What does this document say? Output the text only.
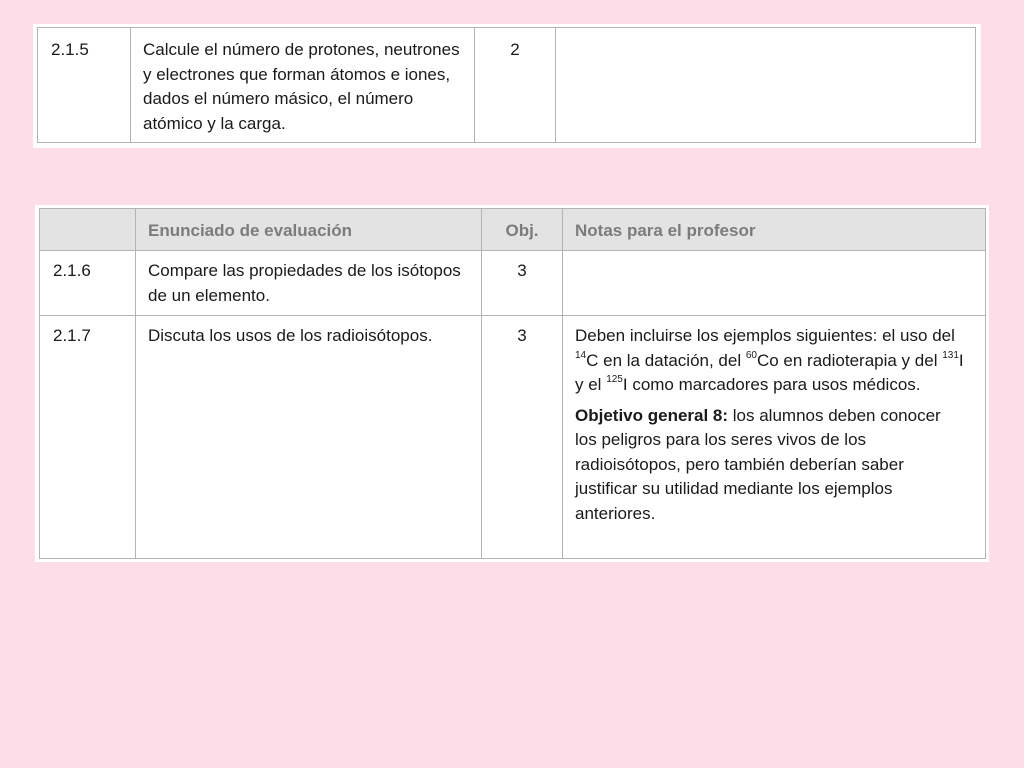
2.1.5	Calcule el número de protones, neutrones y electrones que forman átomos e iones, dados el número másico, el número atómico y la carga.	2	
	Enunciado de evaluación	Obj.	Notas para el profesor
2.1.6	Compare las propiedades de los isótopos de un elemento.	3	
2.1.7	Discuta los usos de los radioisótopos.	3	Deben incluirse los ejemplos siguientes: el uso del $^{14}$C en la datación, del $^{60}$Co en radioterapia y del $^{131}$I y el $^{125}$I como marcadores para usos médicos.

Objetivo general 8: los alumnos deben conocer los peligros para los seres vivos de los radioisótopos, pero también deberían saber justificar su utilidad mediante los ejemplos anteriores.
